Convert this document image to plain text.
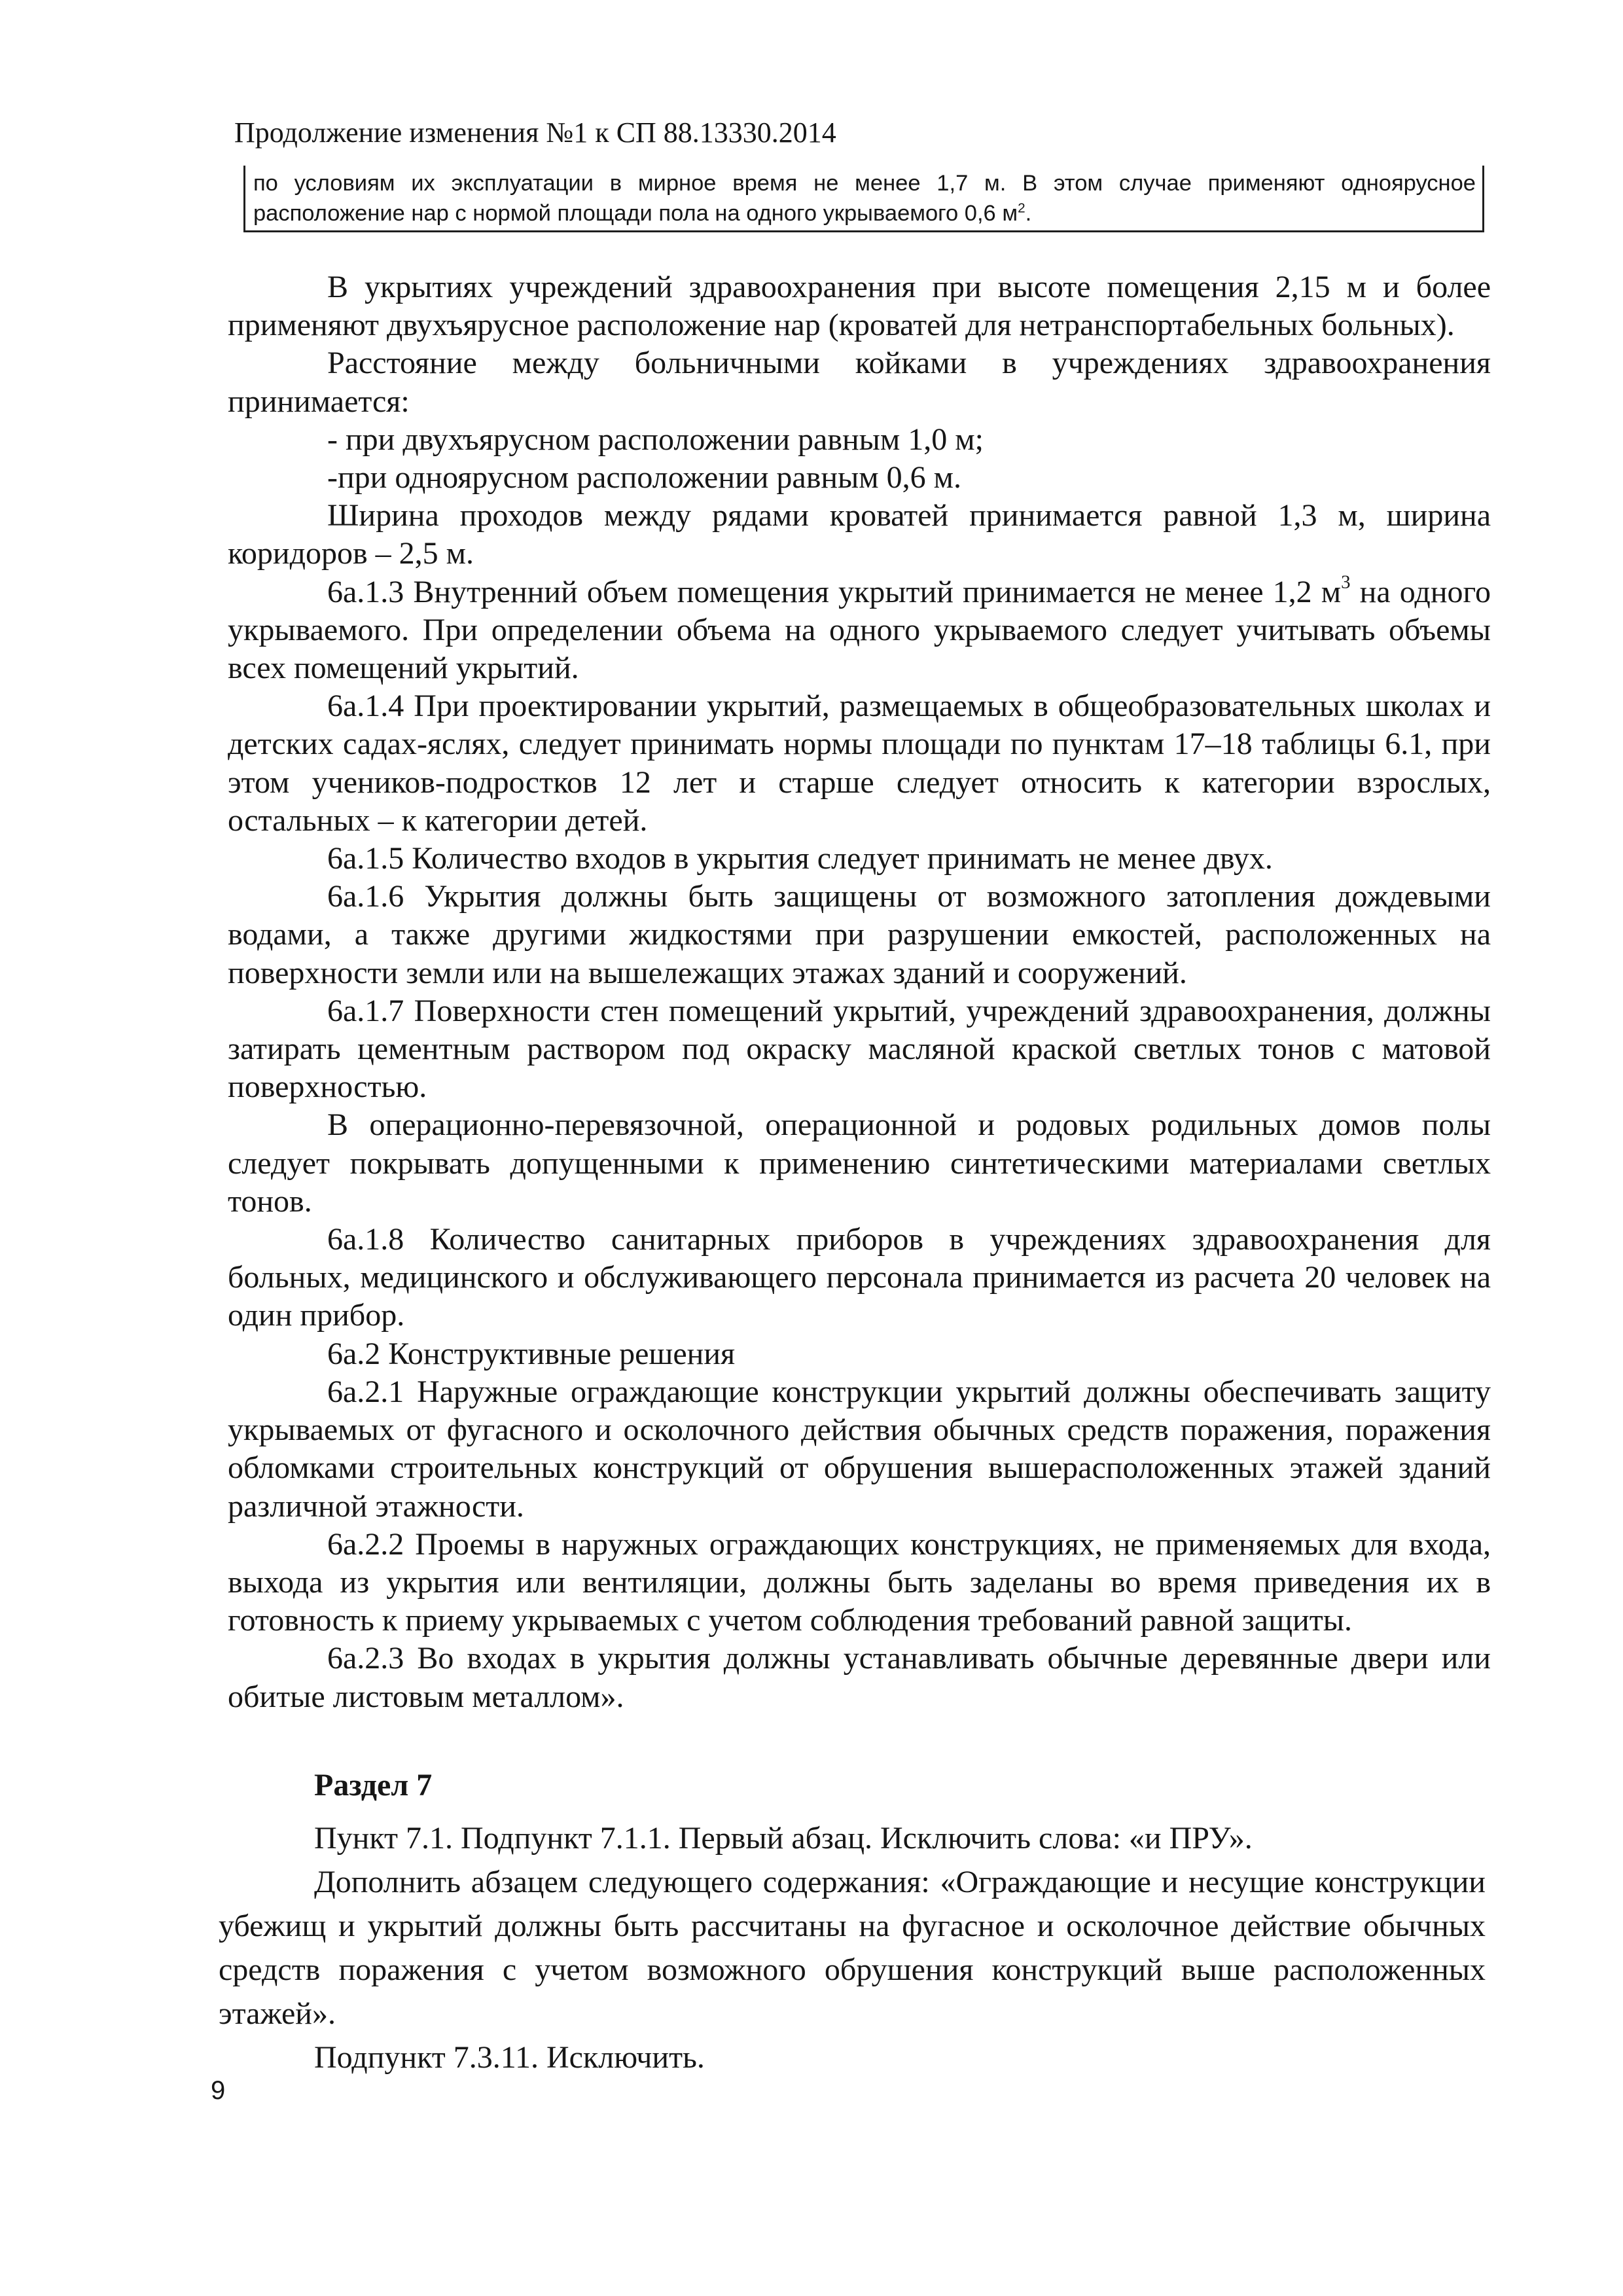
Продолжение изменения №1 к СП 88.13330.2014

по условиям их эксплуатации в мирное время не менее 1,7 м. В этом случае применяют одноярусное расположение нар с нормой площади пола на одного укрываемого 0,6 $м^2$.

В укрытиях учреждений здравоохранения при высоте помещения 2,15 м и более применяют двухъярусное расположение нар (кроватей для нетранспортабельных больных).

Расстояние между больничными койками в учреждениях здравоохранения принимается:

- при двухъярусном расположении равным 1,0 м;

-при одноярусном расположении равным 0,6 м.

Ширина проходов между рядами кроватей принимается равной 1,3 м, ширина коридоров – 2,5 м.

6а.1.3 Внутренний объем помещения укрытий принимается не менее 1,2 $м^3$ на одного укрываемого. При определении объема на одного укрываемого следует учитывать объемы всех помещений укрытий.

6а.1.4 При проектировании укрытий, размещаемых в общеобразовательных школах и детских садах-яслях, следует принимать нормы площади по пунктам 17–18 таблицы 6.1, при этом учеников-подростков 12 лет и старше следует относить к категории взрослых, остальных – к категории детей.

6а.1.5 Количество входов в укрытия следует принимать не менее двух.

6а.1.6 Укрытия должны быть защищены от возможного затопления дождевыми водами, а также другими жидкостями при разрушении емкостей, расположенных на поверхности земли или на вышележащих этажах зданий и сооружений.

6а.1.7 Поверхности стен помещений укрытий, учреждений здравоохранения, должны затирать цементным раствором под окраску масляной краской светлых тонов с матовой поверхностью.

В операционно-перевязочной, операционной и родовых родильных домов полы следует покрывать допущенными к применению синтетическими материалами светлых тонов.

6а.1.8 Количество санитарных приборов в учреждениях здравоохранения для больных, медицинского и обслуживающего персонала принимается из расчета 20 человек на один прибор.

6а.2 Конструктивные решения

6а.2.1 Наружные ограждающие конструкции укрытий должны обеспечивать защиту укрываемых от фугасного и осколочного действия обычных средств поражения, поражения обломками строительных конструкций от обрушения вышерасположенных этажей зданий различной этажности.

6а.2.2 Проемы в наружных ограждающих конструкциях, не применяемых для входа, выхода из укрытия или вентиляции, должны быть заделаны во время приведения их в готовность к приему укрываемых с учетом соблюдения требований равной защиты.

6а.2.3 Во входах в укрытия должны устанавливать обычные деревянные двери или обитые листовым металлом».

Раздел 7

Пункт 7.1. Подпункт 7.1.1. Первый абзац. Исключить слова: «и ПРУ».

Дополнить абзацем следующего содержания: «Ограждающие и несущие конструкции убежищ и укрытий должны быть рассчитаны на фугасное и осколочное действие обычных средств поражения с учетом возможного обрушения конструкций выше расположенных этажей».

Подпункт 7.3.11. Исключить.

9
